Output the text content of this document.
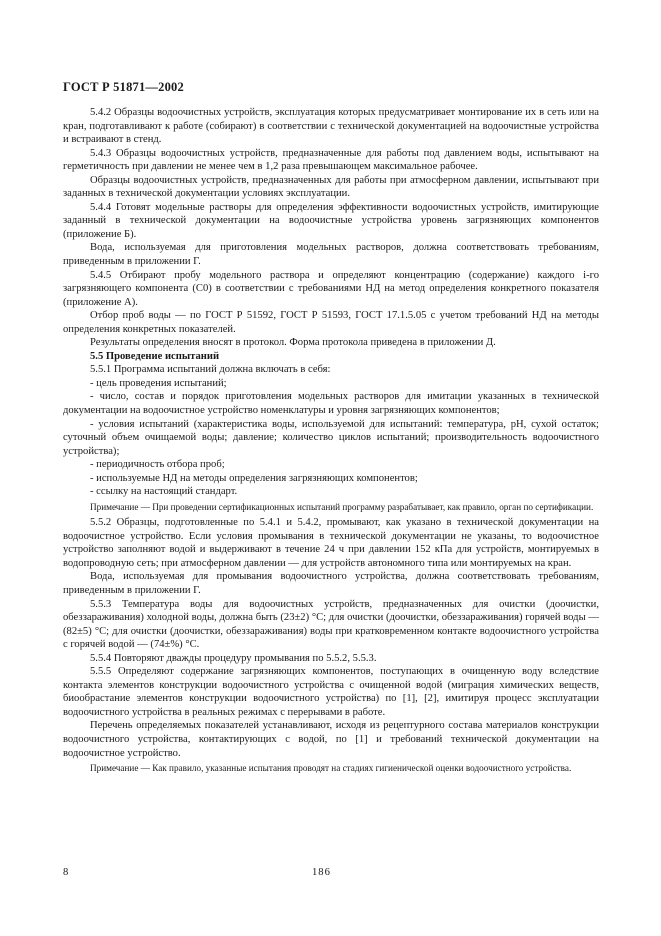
ГОСТ Р 51871—2002

5.4.2 Образцы водоочистных устройств, эксплуатация которых предусматривает монтирование их в сеть или на кран, подготавливают к работе (собирают) в соответствии с технической документацией на водоочистные устройства и встраивают в стенд.

5.4.3 Образцы водоочистных устройств, предназначенные для работы под давлением воды, испытывают на герметичность при давлении не менее чем в 1,2 раза превышающем максимальное рабочее.

Образцы водоочистных устройств, предназначенных для работы при атмосферном давлении, испытывают при заданных в технической документации условиях эксплуатации.

5.4.4 Готовят модельные растворы для определения эффективности водоочистных устройств, имитирующие заданный в технической документации на водоочистные устройства уровень загрязняющих компонентов (приложение Б).

Вода, используемая для приготовления модельных растворов, должна соответствовать требованиям, приведенным в приложении Г.

5.4.5 Отбирают пробу модельного раствора и определяют концентрацию (содержание) каждого i-го загрязняющего компонента (C0) в соответствии с требованиями НД на метод определения конкретного показателя (приложение А).

Отбор проб воды — по ГОСТ Р 51592, ГОСТ Р 51593, ГОСТ 17.1.5.05 с учетом требований НД на методы определения конкретных показателей.

Результаты определения вносят в протокол. Форма протокола приведена в приложении Д.

5.5 Проведение испытаний

5.5.1 Программа испытаний должна включать в себя:

- цель проведения испытаний;

- число, состав и порядок приготовления модельных растворов для имитации указанных в технической документации на водоочистное устройство номенклатуры и уровня загрязняющих компонентов;

- условия испытаний (характеристика воды, используемой для испытаний: температура, pH, сухой остаток; суточный объем очищаемой воды; давление; количество циклов испытаний; производительность водоочистного устройства);

- периодичность отбора проб;

- используемые НД на методы определения загрязняющих компонентов;

- ссылку на настоящий стандарт.

Примечание — При проведении сертификационных испытаний программу разрабатывает, как правило, орган по сертификации.

5.5.2 Образцы, подготовленные по 5.4.1 и 5.4.2, промывают, как указано в технической документации на водоочистное устройство. Если условия промывания в технической документации не указаны, то водоочистное устройство заполняют водой и выдерживают в течение 24 ч при давлении 152 кПа для устройств, монтируемых в водопроводную сеть; при атмосферном давлении — для устройств автономного типа или монтируемых на кран.

Вода, используемая для промывания водоочистного устройства, должна соответствовать требованиям, приведенным в приложении Г.

5.5.3 Температура воды для водоочистных устройств, предназначенных для очистки (доочистки, обеззараживания) холодной воды, должна быть (23±2) °С; для очистки (доочистки, обеззараживания) горячей воды — (82±5) °С; для очистки (доочистки, обеззараживания) воды при кратковременном контакте водоочистного устройства с горячей водой — (74±%) °С.

5.5.4 Повторяют дважды процедуру промывания по 5.5.2, 5.5.3.

5.5.5 Определяют содержание загрязняющих компонентов, поступающих в очищенную воду вследствие контакта элементов конструкции водоочистного устройства с очищенной водой (миграция химических веществ, биообрастание элементов конструкции водоочистного устройства) по [1], [2], имитируя процесс эксплуатации водоочистного устройства в реальных режимах с перерывами в работе.

Перечень определяемых показателей устанавливают, исходя из рецептурного состава материалов конструкции водоочистного устройства, контактирующих с водой, по [1] и требований технической документации на водоочистное устройство.

Примечание — Как правило, указанные испытания проводят на стадиях гигиенической оценки водоочистного устройства.

8	186
